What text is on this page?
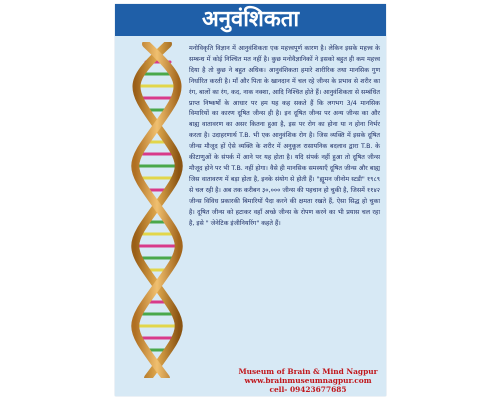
अनुवंशिकता

मनोविकृति विज्ञान में आनुवंशिकता एक महत्त्वपूर्ण कारण है। लेकिन इसके महत्त्व के सम्बन्ध में कोई निश्चित मत नहीं है। कुछ मनोवैज्ञानिकों ने इसको बहुत ही कम महत्त्व दिया है तो कुछ ने बहुत अधिक। आनुवंशिकता हमारे शारीरिक तथा मानसिक गुण निर्धारित करती है। माँ और पिता के खानदान में चल रहे जीन्स के प्रभाव से शरीर का रंग, बालों का रंग, कद, नाक नक्शा, आदि निश्चित होते हैं। आनुवंशिकता से सम्बंधित प्राप्त निष्कर्षों के आधार पर हम यह कह सकते हैं कि लगभग 3/4 मानसिक विमारियों का कारण दूषित जीन्स ही है। इन दूषित जीन्स पर अन्य जीन्स का और बाह्य वातावरण का असर कितना हुआ है, इस पर रोग का होना या न होना निर्भर करता है। उदाहरणार्थ T.B. भी एक आनुवंशिक रोग है। जिस व्यक्ति में इसके दूषित जीन्स मौजूद हों ऐसे व्यक्ति के शरीर में अनुकूल रासायनिक बदलाव द्वारा T.B. के कीटाणुओं के संपर्क में आने पर यह होता है। यदि संपर्क नहीं हुआ तो दूषित जीन्स मौजूद होने पर भी T.B. नहीं होगा। वैसे ही मानसिक समस्याएँ दूषित जीन्स और बाह्य जिस वातावरण में बड़ा होता है, इनके संयोग से होती हैं। "ह्यूमन जीनोम स्टडी" १९८९ से चल रही है। अब तक करीबन ३०,००० जीन्स की पहचान हो चुकी है, जिसमें ११४२ जीन्स विविध प्रकारकी बिमारियों पैदा करने की क्षमता रखते हैं, ऐसा सिद्ध हो चुका है। दूषित जीन्स को हटाकर वहाँ अच्छे जीन्स के रोपण करने का भी प्रयास चल रहा है, इसे " जेनेटिक इंजीनियरिंग" कहते हैं।

Museum of Brain & Mind Nagpur
www.brainmuseumnagpur.com
cell- 09423677685
